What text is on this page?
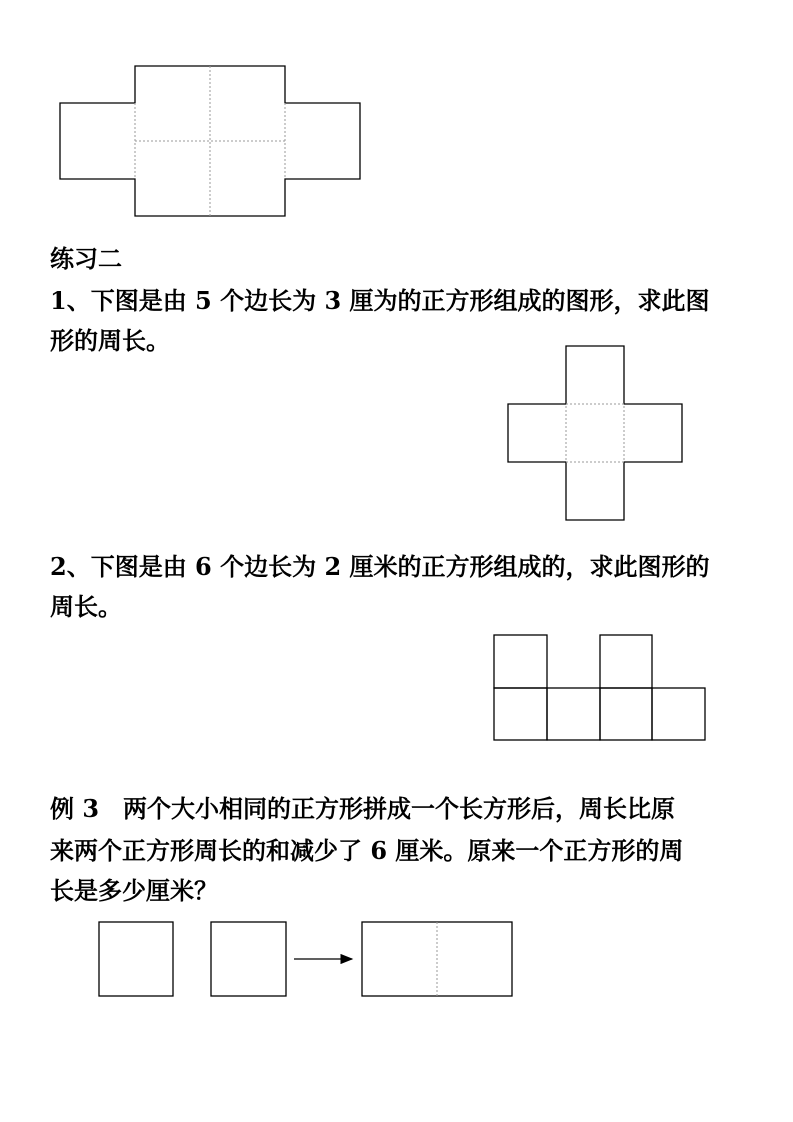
练习二
1、下图是由 5 个边长为 3 厘为的正方形组成的图形，求此图
形的周长。
2、下图是由 6 个边长为 2 厘米的正方形组成的，求此图形的
周长。
例 3　两个大小相同的正方形拼成一个长方形后，周长比原
来两个正方形周长的和减少了 6 厘米。原来一个正方形的周
长是多少厘米？
